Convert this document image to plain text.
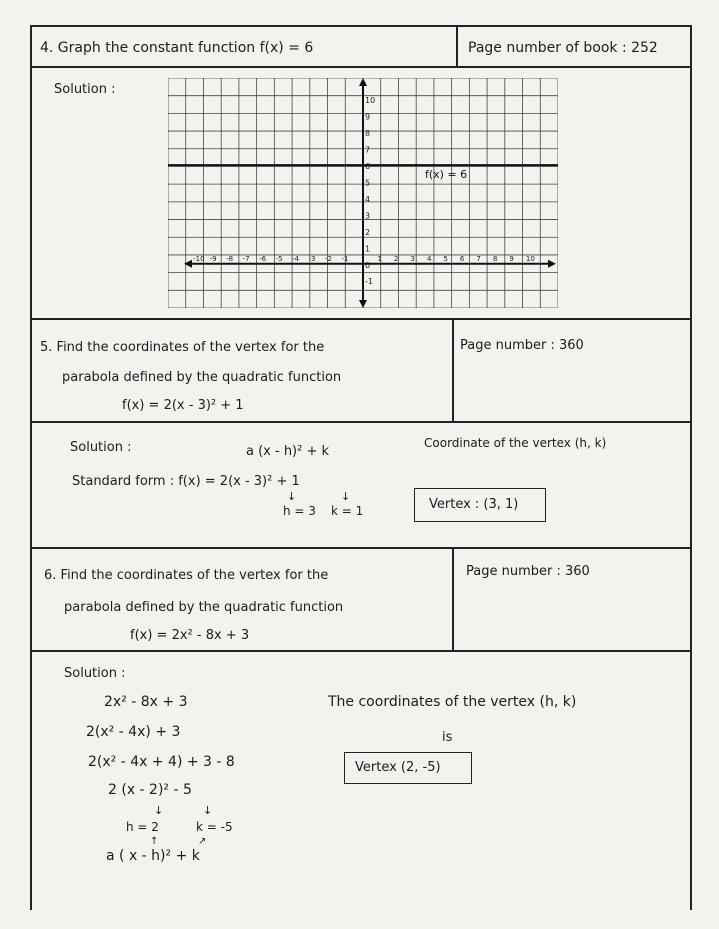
4. Graph the constant function f(x) = 6	Page number of book : 252
Solution :
10
9
8
7
6
5
4
3
2
1
0
-1
-10 -9 -8 -7 -6 -5 -4 -3 -2 -1	1 2 3 4 5 6 7 8 9 10
f(x) = 6
5. Find the coordinates of the vertex for the
parabola defined by the quadratic function
f(x) = 2(x - 3)² + 1
Page number : 360
Solution :	a (x - h)² + k
Coordinate of the vertex (h, k)
Standard form : f(x) = 2(x - 3)² + 1
↓	↓
h = 3 k = 1	Vertex : (3, 1)
6. Find the coordinates of the vertex for the
parabola defined by the quadratic function
f(x) = 2x² - 8x + 3
Page number : 360
Solution :
2x² - 8x + 3
2(x² - 4x) + 3
2(x² - 4x + 4) + 3 - 8
2 (x - 2)² - 5
↓	↓
h = 2	k = -5
↑	↗
a ( x - h)² + k
The coordinates of the vertex (h, k)
is
Vertex (2, -5)
